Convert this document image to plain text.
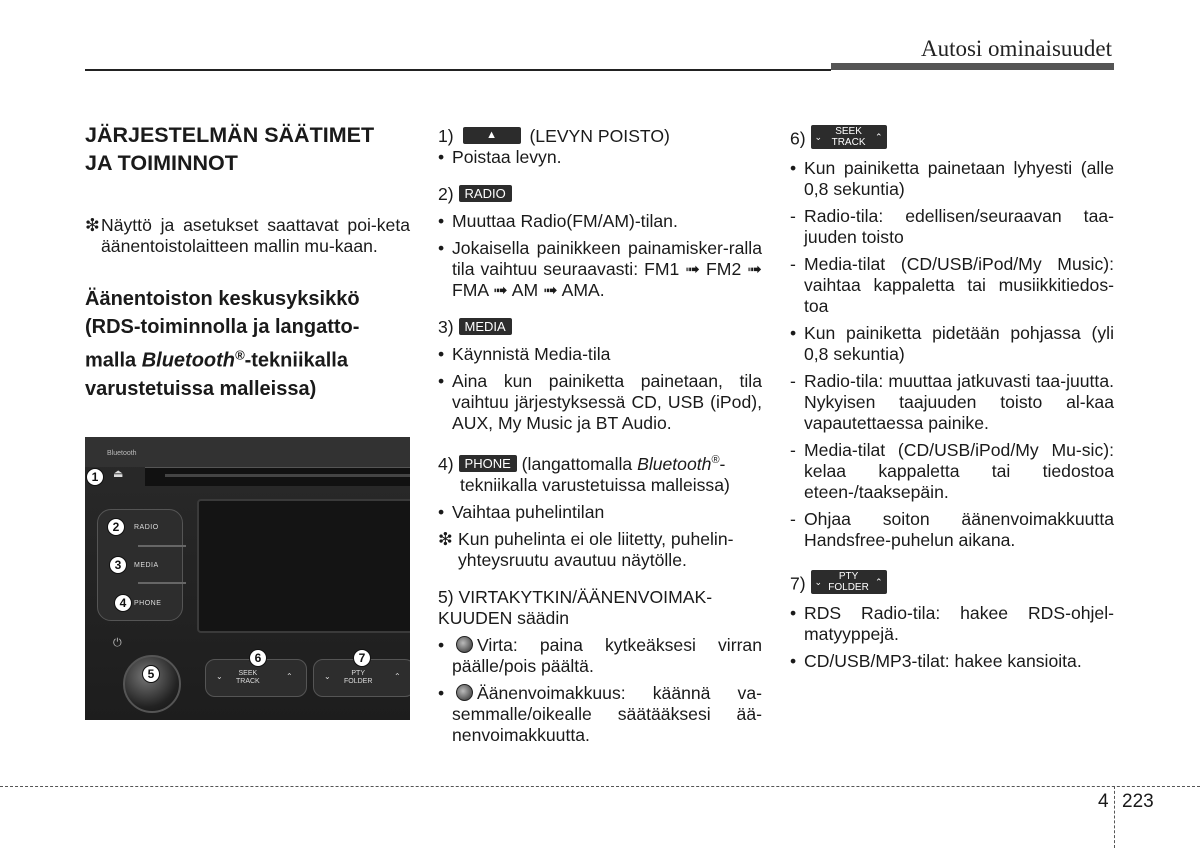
Autosi ominaisuudet

JÄRJESTELMÄN SÄÄTIMET

JA TOIMINNOT

❇ Näyttö ja asetukset saattavat poi-keta äänentoistolaitteen mallin mu-kaan.

Äänentoiston keskusyksikkö

(RDS-toiminnolla ja langatto-

malla Bluetooth®-tekniikalla

varustetuissa malleissa)

Bluetooth
⏏
RADIO
MEDIA
PHONE
⏻
⌄	SEEK
TRACK
⌃	⌄	PTY
FOLDER
⌃
1
2
3
4
5
6	7

1)	▲ (LEVYN POISTO)

• Poistaa levyn.

2) RADIO

• Muuttaa Radio(FM/AM)-tilan.
• Jokaisella painikkeen painamisker-ralla tila vaihtuu seuraavasti: FM1 ➟ FM2 ➟ FMA ➟ AM ➟ AMA.

3) MEDIA

• Käynnistä Media-tila
• Aina kun painiketta painetaan, tila vaihtuu järjestyksessä CD, USB (iPod), AUX, My Music ja BT Audio.

4) PHONE (langattomalla Bluetooth®-

tekniikalla varustetuissa malleissa)

• Vaihtaa puhelintilan
❇ Kun puhelinta ei ole liitetty, puhelin-yhteysruutu avautuu näytölle.

5) VIRTAKYTKIN/ÄÄNENVOIMAK-KUUDEN säädin

•	Virta: paina kytkeäksesi virran päälle/pois päältä.
•	Äänenvoimakkuus: käännä va-semmalle/oikealle säätääksesi ää-nenvoimakkuutta.

6) ⌄	SEEK
TRACK
⌃

• Kun painiketta painetaan lyhyesti (alle 0,8 sekuntia)
- Radio-tila: edellisen/seuraavan taa-juuden toisto
- Media-tilat (CD/USB/iPod/My Music): vaihtaa kappaletta tai musiikkitiedos-toa
• Kun painiketta pidetään pohjassa (yli 0,8 sekuntia)
- Radio-tila: muuttaa jatkuvasti taa-juutta. Nykyisen taajuuden toisto al-kaa vapautettaessa painike.
- Media-tilat (CD/USB/iPod/My Mu-sic): kelaa kappaletta tai tiedostoa eteen-/taaksepäin.
- Ohjaa soiton äänenvoimakkuutta Handsfree-puhelun aikana.

7) ⌄	PTY
FOLDER
⌃

• RDS Radio-tila: hakee RDS-ohjel-matyyppejä.
• CD/USB/MP3-tilat: hakee kansioita.
4 223
